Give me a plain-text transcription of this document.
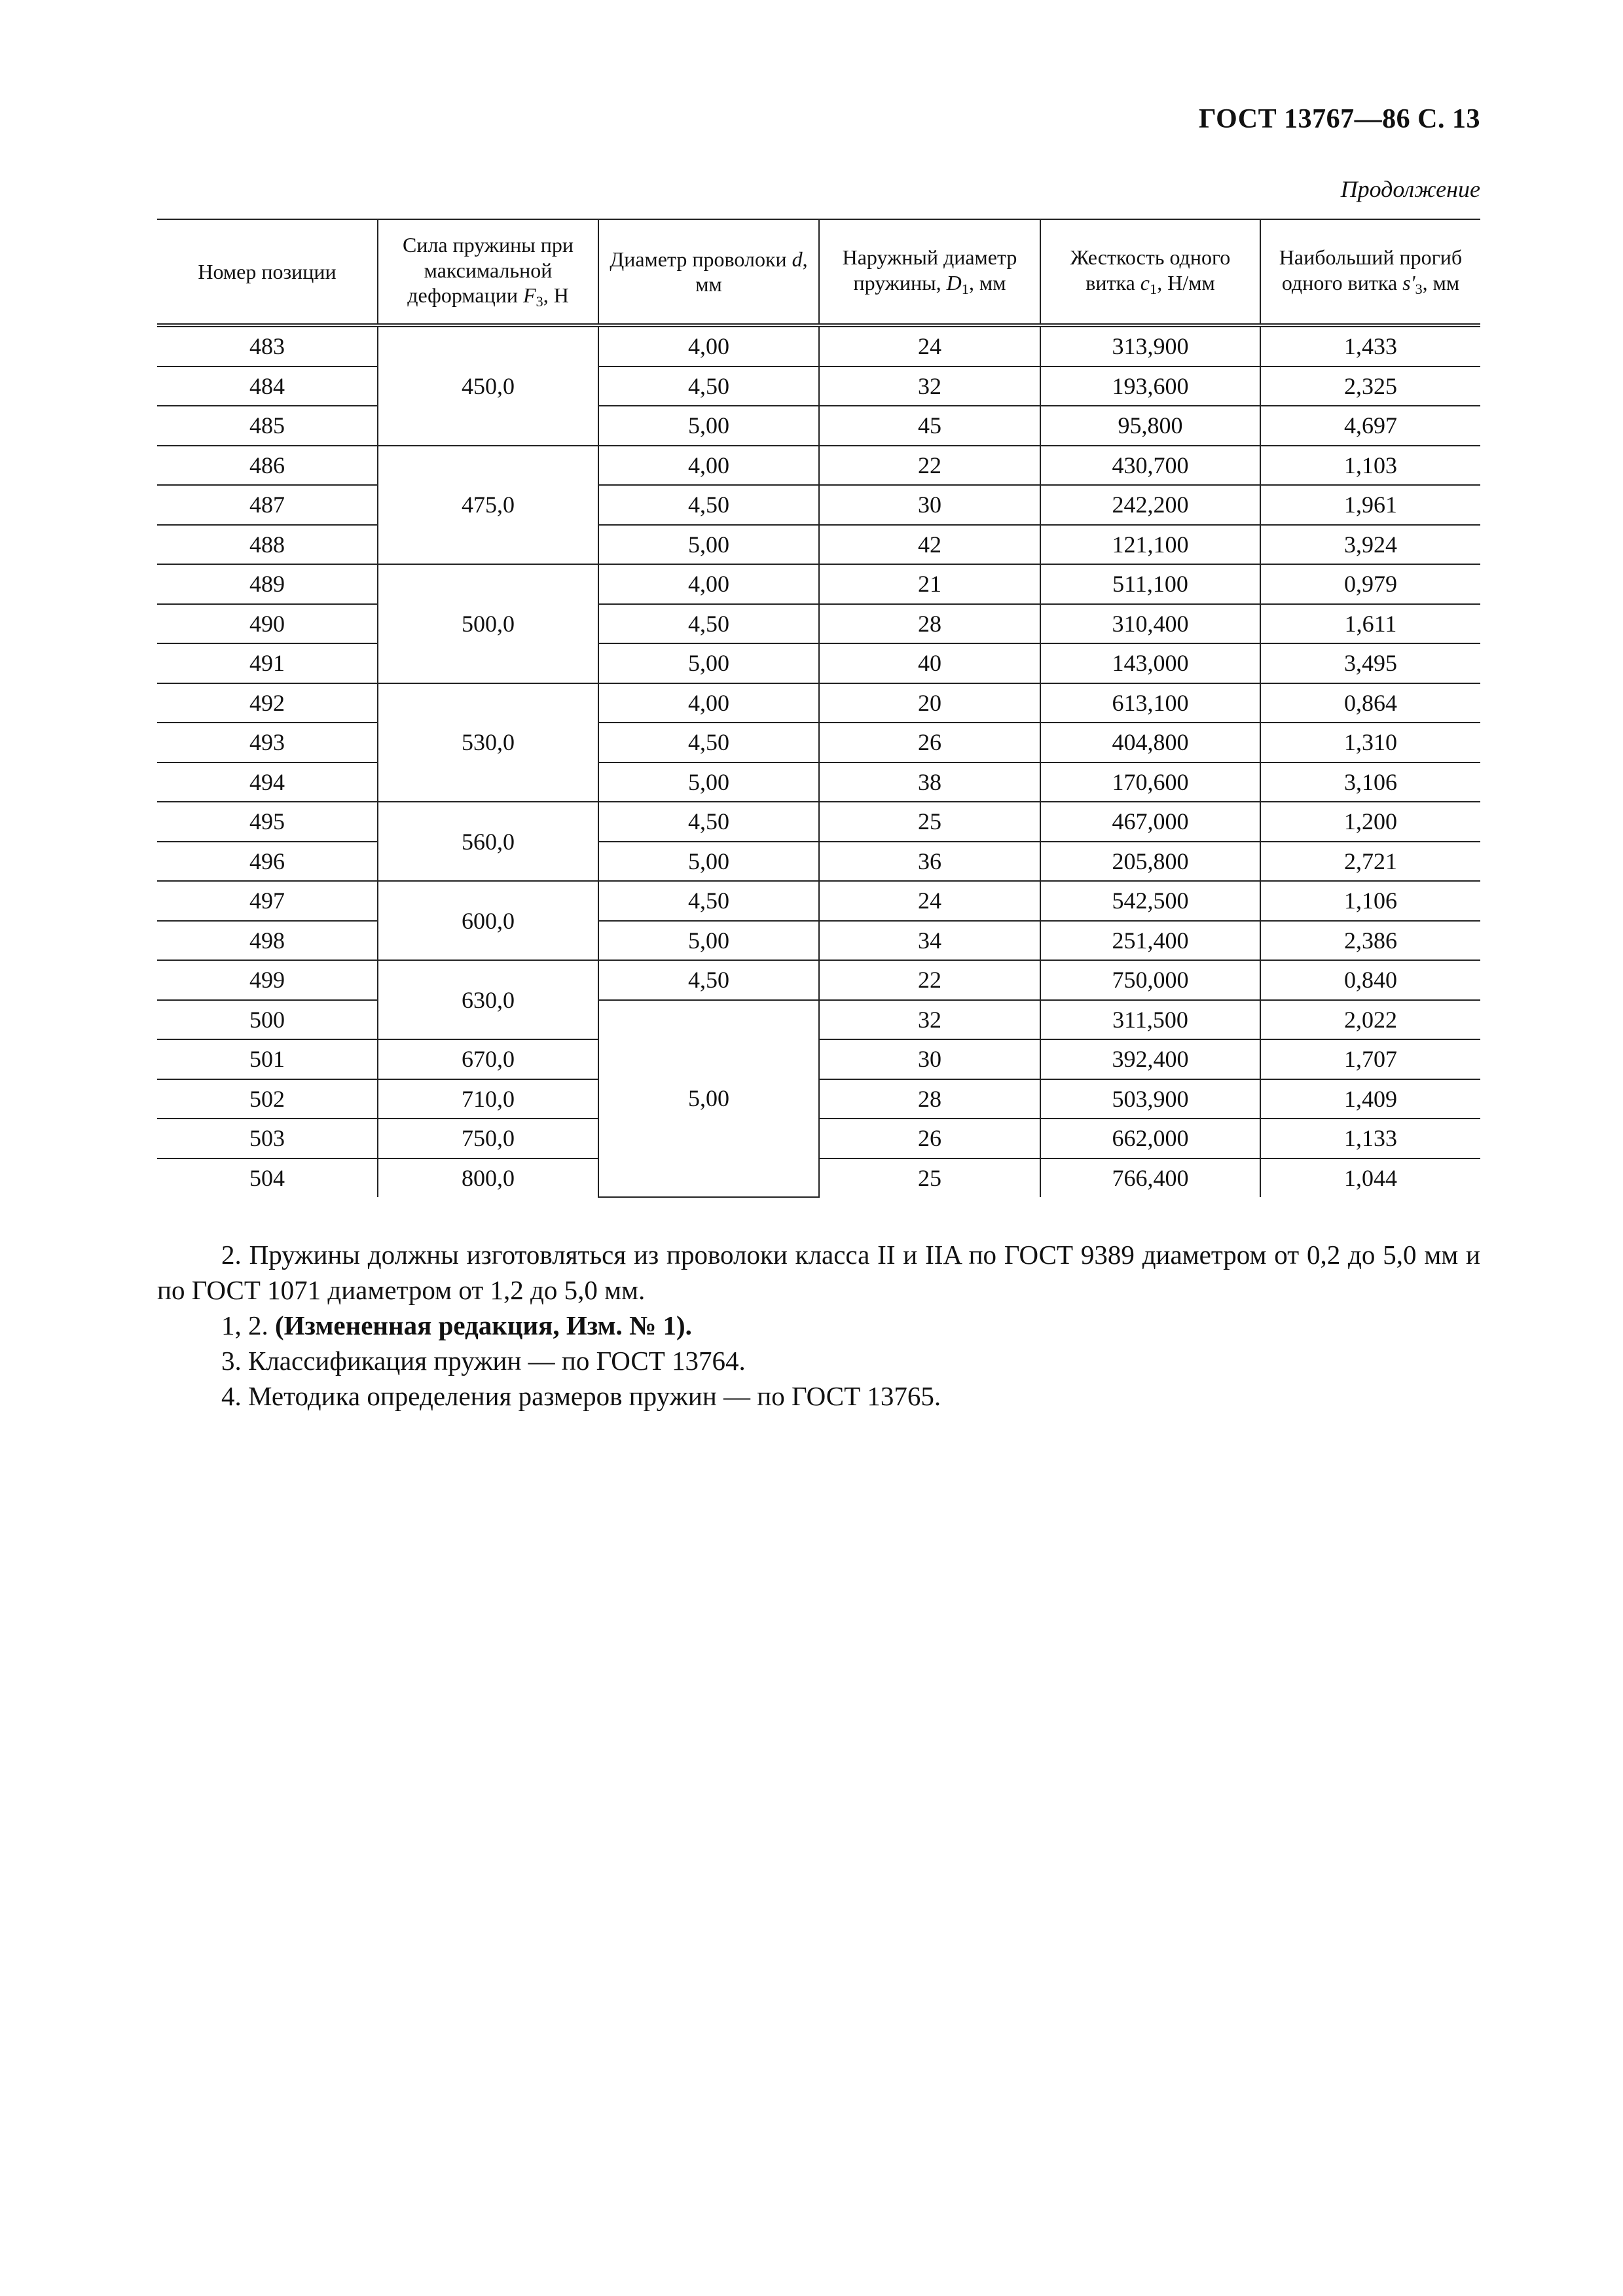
ГОСТ 13767—86 С. 13
Продолжение
Номер позиции	Сила пружины при максимальной деформации $F_3$, Н	Диаметр проволоки d, мм	Наружный диаметр пружины, $D_1$, мм	Жесткость одного витка $c_1$, Н/мм	Наибольший прогиб одного витка $s'_3$, мм
483	450,0	4,00	24	313,900	1,433
484		4,50	32	193,600	2,325
485		5,00	45	95,800	4,697
486	475,0	4,00	22	430,700	1,103
487		4,50	30	242,200	1,961
488		5,00	42	121,100	3,924
489	500,0	4,00	21	511,100	0,979
490		4,50	28	310,400	1,611
491		5,00	40	143,000	3,495
492	530,0	4,00	20	613,100	0,864
493		4,50	26	404,800	1,310
494		5,00	38	170,600	3,106
495	560,0	4,50	25	467,000	1,200
496		5,00	36	205,800	2,721
497	600,0	4,50	24	542,500	1,106
498		5,00	34	251,400	2,386
499	630,0	4,50	22	750,000	0,840
500		5,00	32	311,500	2,022
501	670,0		30	392,400	1,707
502	710,0		28	503,900	1,409
503	750,0		26	662,000	1,133
504	800,0		25	766,400	1,044

2. Пружины должны изготовляться из проволоки класса II и IIA по ГОСТ 9389 диаметром от 0,2 до 5,0 мм и по ГОСТ 1071 диаметром от 1,2 до 5,0 мм.

1, 2. (Измененная редакция, Изм. № 1).

3. Классификация пружин — по ГОСТ 13764.

4. Методика определения размеров пружин — по ГОСТ 13765.
